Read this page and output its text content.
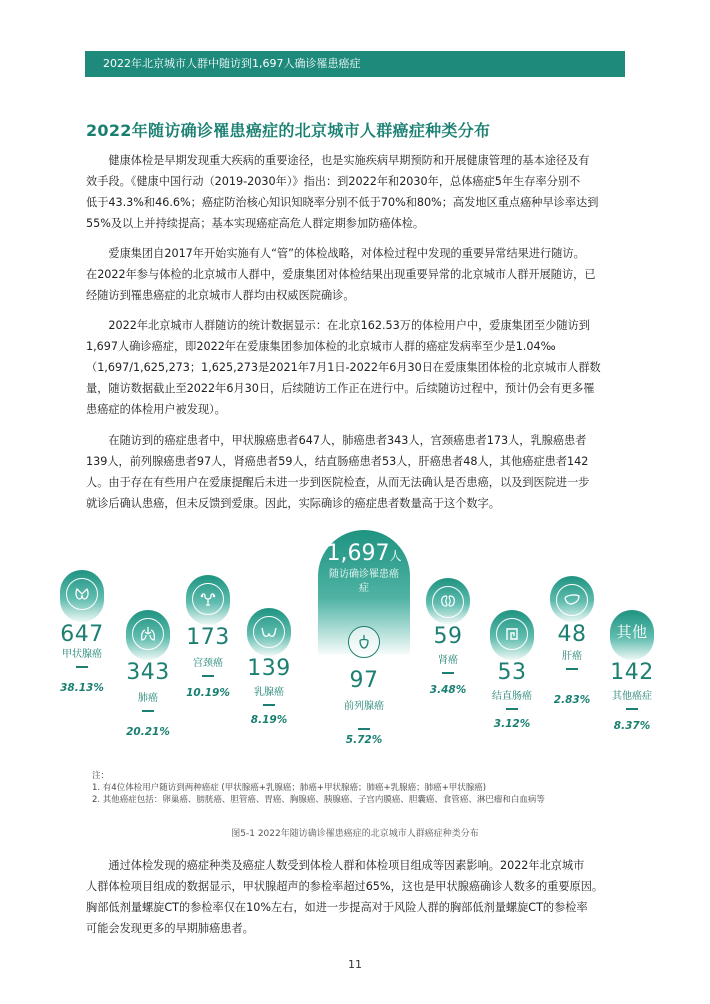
2022年北京城市人群中随访到1,697人确诊罹患癌症
2022年随访确诊罹患癌症的北京城市人群癌症种类分布
健康体检是早期发现重大疾病的重要途径，也是实施疾病早期预防和开展健康管理的基本途径及有
效手段。《健康中国行动（2019-2030年）》指出：到2022年和2030年，总体癌症5年生存率分别不
低于43.3%和46.6%；癌症防治核心知识知晓率分别不低于70%和80%；高发地区重点癌种早诊率达到
55%及以上并持续提高；基本实现癌症高危人群定期参加防癌体检。
爱康集团自2017年开始实施有人“管”的体检战略，对体检过程中发现的重要异常结果进行随访。
在2022年参与体检的北京城市人群中，爱康集团对体检结果出现重要异常的北京城市人群开展随访，已
经随访到罹患癌症的北京城市人群均由权威医院确诊。
2022年北京城市人群随访的统计数据显示：在北京162.53万的体检用户中，爱康集团至少随访到
1,697人确诊癌症，即2022年在爱康集团参加体检的北京城市人群的癌症发病率至少是1.04‰
（1,697/1,625,273；1,625,273是2021年7月1日-2022年6月30日在爱康集团体检的北京城市人群数
量，随访数据截止至2022年6月30日，后续随访工作正在进行中。后续随访过程中，预计仍会有更多罹
患癌症的体检用户被发现）。
在随访到的癌症患者中，甲状腺癌患者647人，肺癌患者343人，宫颈癌患者173人，乳腺癌患者
139人，前列腺癌患者97人，肾癌患者59人，结直肠癌患者53人，肝癌患者48人，其他癌症患者142
人。由于存在有些用户在爱康提醒后未进一步到医院检查，从而无法确认是否患癌，以及到医院进一步
就诊后确认患癌，但未反馈到爱康。因此，实际确诊的癌症患者数量高于这个数字。
647
甲状腺癌
38.13%
343
肺癌
20.21%
173
宫颈癌
10.19%
139
乳腺癌
8.19%
1,697人
随访确诊罹患癌症
97
前列腺癌
5.72%
59
肾癌
3.48%
53
结直肠癌
3.12%
48
肝癌
2.83%
其他
142
其他癌症
8.37%
注：
1. 有4位体检用户随访到两种癌症 (甲状腺癌+乳腺癌；肺癌+甲状腺癌；肺癌+乳腺癌；肺癌+甲状腺癌)
2. 其他癌症包括：卵巢癌、膀胱癌、胆管癌、胃癌、胸腺癌、胰腺癌、子宫内膜癌、胆囊癌、食管癌、淋巴瘤和白血病等
图5-1 2022年随访确诊罹患癌症的北京城市人群癌症种类分布
通过体检发现的癌症种类及癌症人数受到体检人群和体检项目组成等因素影响。2022年北京城市
人群体检项目组成的数据显示，甲状腺超声的参检率超过65%，这也是甲状腺癌确诊人数多的重要原因。
胸部低剂量螺旋CT的参检率仅在10%左右，如进一步提高对于风险人群的胸部低剂量螺旋CT的参检率
可能会发现更多的早期肺癌患者。
11
